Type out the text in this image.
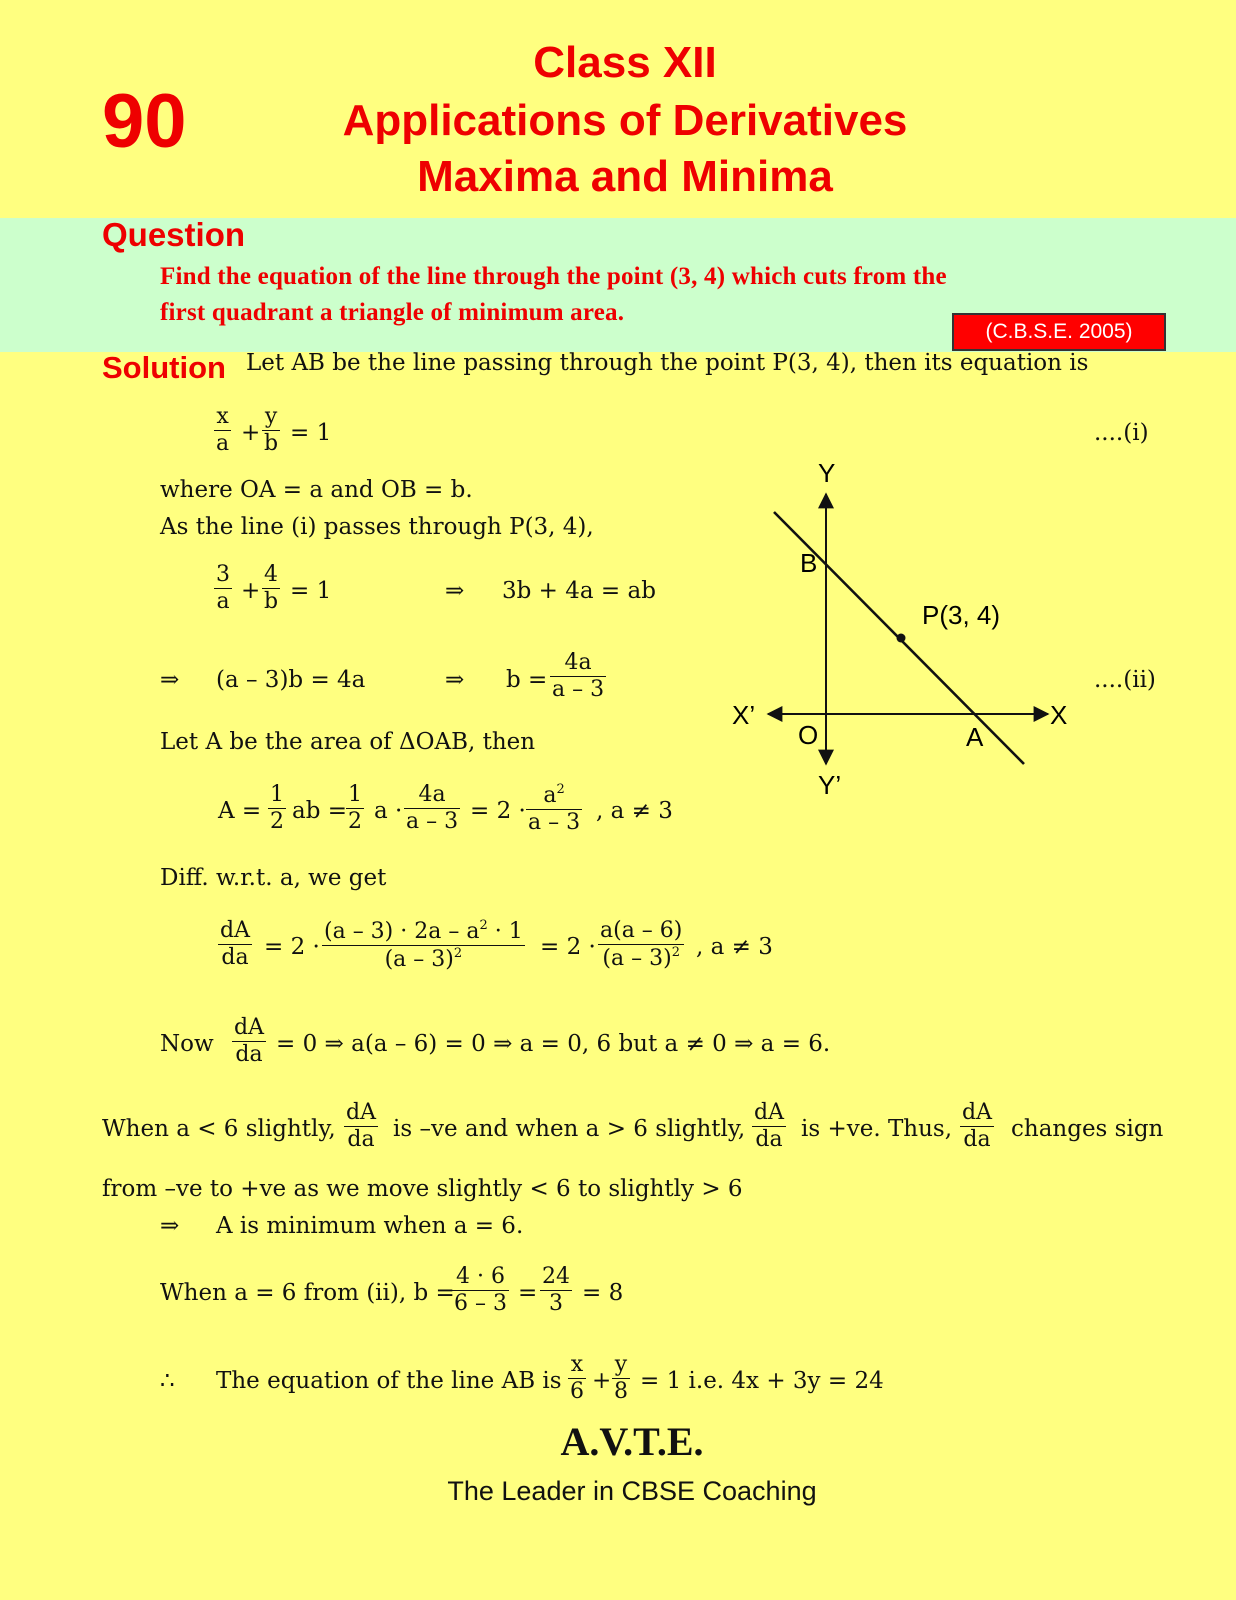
90
Class XII
Applications of Derivatives
Maxima and Minima
Question
Find the equation of the line through the point (3, 4) which cuts from the
first quadrant a triangle of minimum area.
(C.B.S.E. 2005)
Solution Let AB be the line passing through the point P(3, 4), then its equation is
$\frac{x}{a} + \frac{y}{b} = 1$	....(i)
where OA = a and OB = b.
As the line (i) passes through P(3, 4),
$\frac{3}{a} + \frac{4}{b} = 1$	⇒ 3b + 4a = ab
⇒ (a – 3)b = 4a	⇒ $b = \frac{4a}{a - 3}$	....(ii)
Let A be the area of ΔOAB, then
$A = \frac{1}{2}$ ab =
$\frac{1}{2}$ $a \cdot \frac{4a}{a - 3} = 2 \cdot \frac{a^2}{a - 3}$ , a ≠ 3
Diff. w.r.t. a, we get
$\frac{dA}{da} = 2 \cdot \frac{(a - 3) \cdot 2a - a^2 \cdot 1}{(a - 3)^2} = 2 \cdot \frac{a(a - 6)}{(a - 3)^2}$ , a ≠ 3
Now $\frac{dA}{da} = 0$ ⇒ a(a – 6) = 0 ⇒ a = 0, 6 but a ≠ 0 ⇒ a = 6.
When a < 6 slightly, $\frac{dA}{da}$ is –ve and when a > 6 slightly, $\frac{dA}{da}$ is +ve. Thus, $\frac{dA}{da}$ changes sign
from –ve to +ve as we move slightly < 6 to slightly > 6
⇒ A is minimum when a = 6.
When a = 6 from (ii), b =
$\frac{4 \cdot 6}{6 - 3} = \frac{24}{3} = 8$
∴ The equation of the line AB is $\frac{x}{6} + \frac{y}{8} = 1$ i.e. 4x + 3y = 24
Y
Y’
X
X’
O	A
B
P(3, 4)
A.V.T.E.
The Leader in CBSE Coaching
